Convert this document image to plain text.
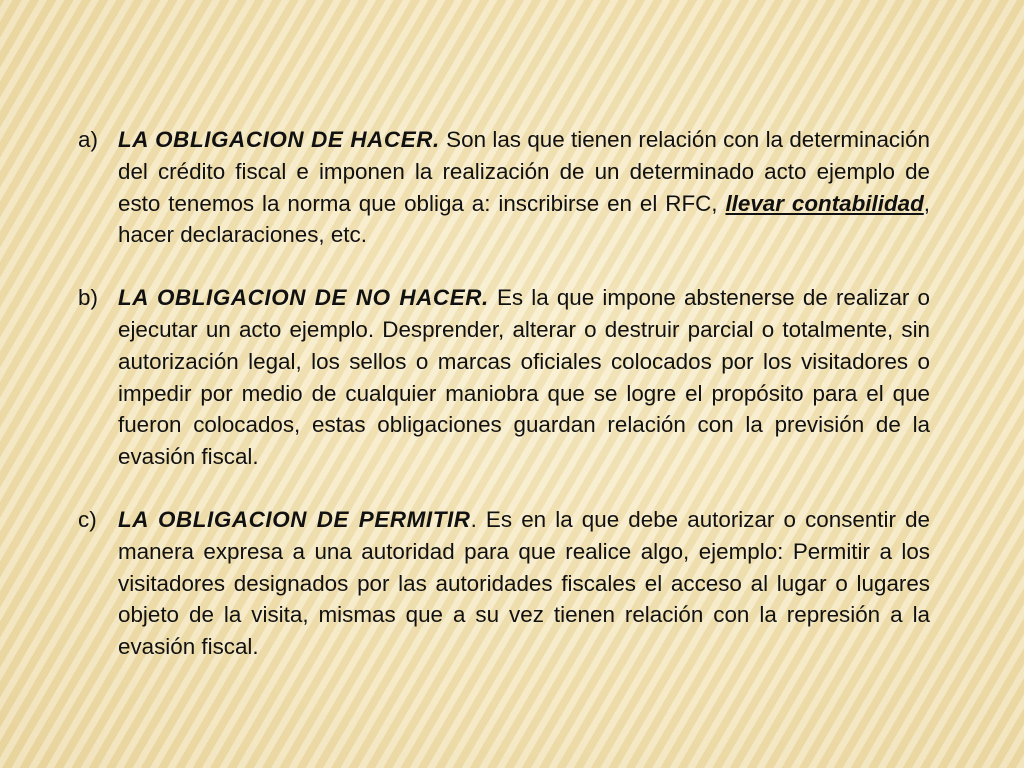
a) LA OBLIGACION DE HACER. Son las que tienen relación con la determinación del crédito fiscal e imponen la realización de un determinado acto ejemplo de esto tenemos la norma que obliga a: inscribirse en el RFC, llevar contabilidad, hacer declaraciones, etc.
b) LA OBLIGACION DE NO HACER. Es la que impone abstenerse de realizar o ejecutar un acto ejemplo. Desprender, alterar o destruir parcial o totalmente, sin autorización legal, los sellos o marcas oficiales colocados por los visitadores o impedir por medio de cualquier maniobra que se logre el propósito para el que fueron colocados, estas obligaciones guardan relación con la previsión de la evasión fiscal.
c) LA OBLIGACION DE PERMITIR. Es en la que debe autorizar o consentir de manera expresa a una autoridad para que realice algo, ejemplo: Permitir a los visitadores designados por las autoridades fiscales el acceso al lugar o lugares objeto de la visita, mismas que a su vez tienen relación con la represión a la evasión fiscal.
